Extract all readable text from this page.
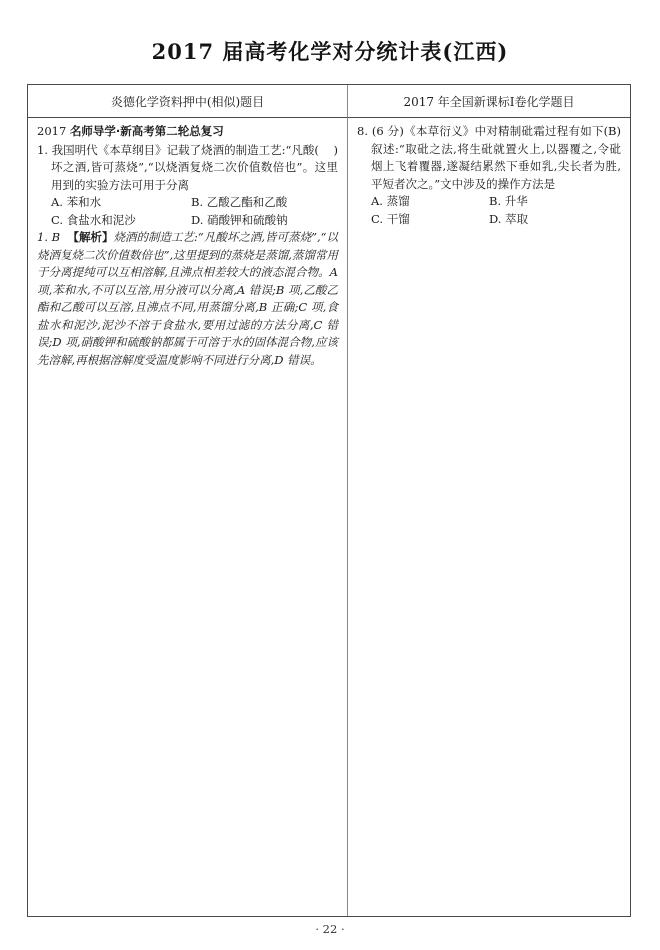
2017 届高考化学对分统计表(江西)
炎德化学资料押中(相似)题目	2017 年全国新课标Ⅰ卷化学题目

2017 名师导学·新高考第二轮总复习

(    )
1. 我国明代《本草纲目》记载了烧酒的制造工艺:“凡酸坏之酒,皆可蒸烧”,“以烧酒复烧二次价值数倍也”。这里用到的实验方法可用于分离

A. 苯和水	B. 乙酸乙酯和乙酸
C. 食盐水和泥沙	D. 硝酸钾和硫酸钠

1. B  【解析】烧酒的制造工艺:“凡酸坏之酒,皆可蒸烧”,“以烧酒复烧二次价值数倍也”,这里提到的蒸烧是蒸馏,蒸馏常用于分离提纯可以互相溶解,且沸点相差较大的液态混合物。A 项,苯和水,不可以互溶,用分液可以分离,A 错误;B 项,乙酸乙酯和乙酸可以互溶,且沸点不同,用蒸馏分离,B 正确;C 项,食盐水和泥沙,泥沙不溶于食盐水,要用过滤的方法分离,C 错误;D 项,硝酸钾和硫酸钠都属于可溶于水的固体混合物,应该先溶解,再根据溶解度受温度影响不同进行分离,D 错误。

(B)
8. (6 分)《本草衍义》中对精制砒霜过程有如下叙述:“取砒之法,将生砒就置火上,以器覆之,令砒烟上飞着覆器,遂凝结累然下垂如乳,尖长者为胜,平短者次之。”文中涉及的操作方法是

A. 蒸馏	B. 升华
C. 干馏	D. 萃取
· 22 ·
